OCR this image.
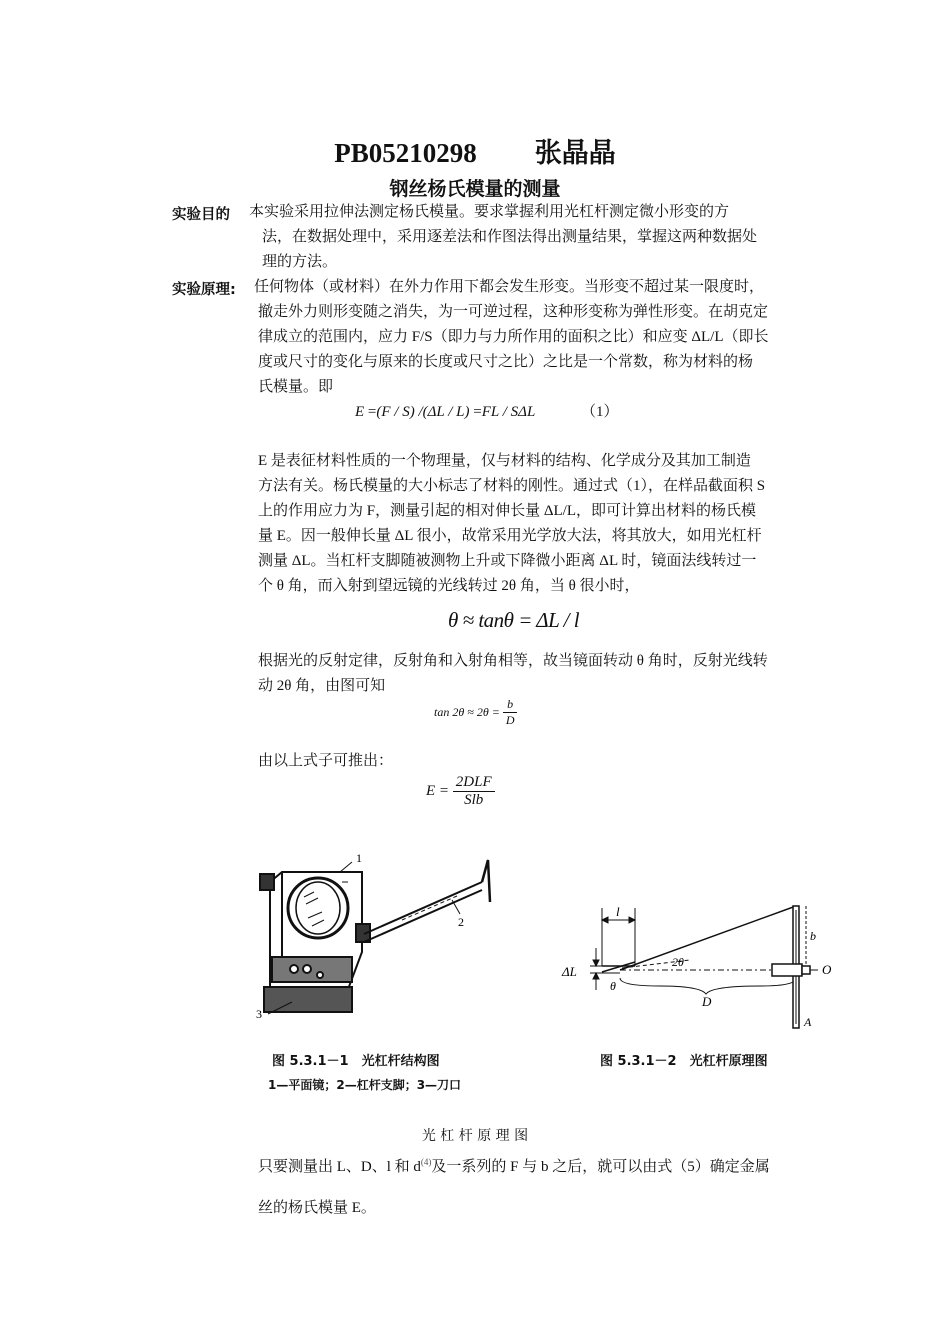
PB05210298 张晶晶
钢丝杨氏模量的测量
实验目的 本实验采用拉伸法测定杨氏模量。要求掌握利用光杠杆测定微小形变的方
法，在数据处理中，采用逐差法和作图法得出测量结果，掌握这两种数据处
理的方法。
实验原理: 任何物体（或材料）在外力作用下都会发生形变。当形变不超过某一限度时，
撤走外力则形变随之消失，为一可逆过程，这种形变称为弹性形变。在胡克定
律成立的范围内，应力 F/S（即力与力所作用的面积之比）和应变 ΔL/L（即长
度或尺寸的变化与原来的长度或尺寸之比）之比是一个常数，称为材料的杨
氏模量。即
E =(F / S) /(ΔL / L) =FL / SΔL	（1）
E 是表征材料性质的一个物理量，仅与材料的结构、化学成分及其加工制造
方法有关。杨氏模量的大小标志了材料的刚性。通过式（1），在样品截面积 S
上的作用应力为 F，测量引起的相对伸长量 ΔL/L，即可计算出材料的杨氏模
量 E。因一般伸长量 ΔL 很小，故常采用光学放大法，将其放大，如用光杠杆
测量 ΔL。当杠杆支脚随被测物上升或下降微小距离 ΔL 时，镜面法线转过一
个 θ 角，而入射到望远镜的光线转过 2θ 角，当 θ 很小时，
θ ≈ tanθ = ΔL / l
根据光的反射定律，反射角和入射角相等，故当镜面转动 θ 角时，反射光线转
动 2θ 角，由图可知
$\tan 2\theta \approx 2\theta = \frac{b}{D}$
由以上式子可推出：
$E = \frac{\text{2DLF}}{\text{Slb}}$
1
2
3
图 5.3.1－1　光杠杆结构图
1—平面镜；2—杠杆支脚；3—刀口
l
ΔL
θ
2θ
D
b
O
A
图 5.3.1－2　光杠杆原理图
光 杠 杆 原 理 图
只要测量出 L、D、l 和 $d^{(4)}$及一系列的 F 与 b 之后，就可以由式（5）确定金属
丝的杨氏模量 E。
